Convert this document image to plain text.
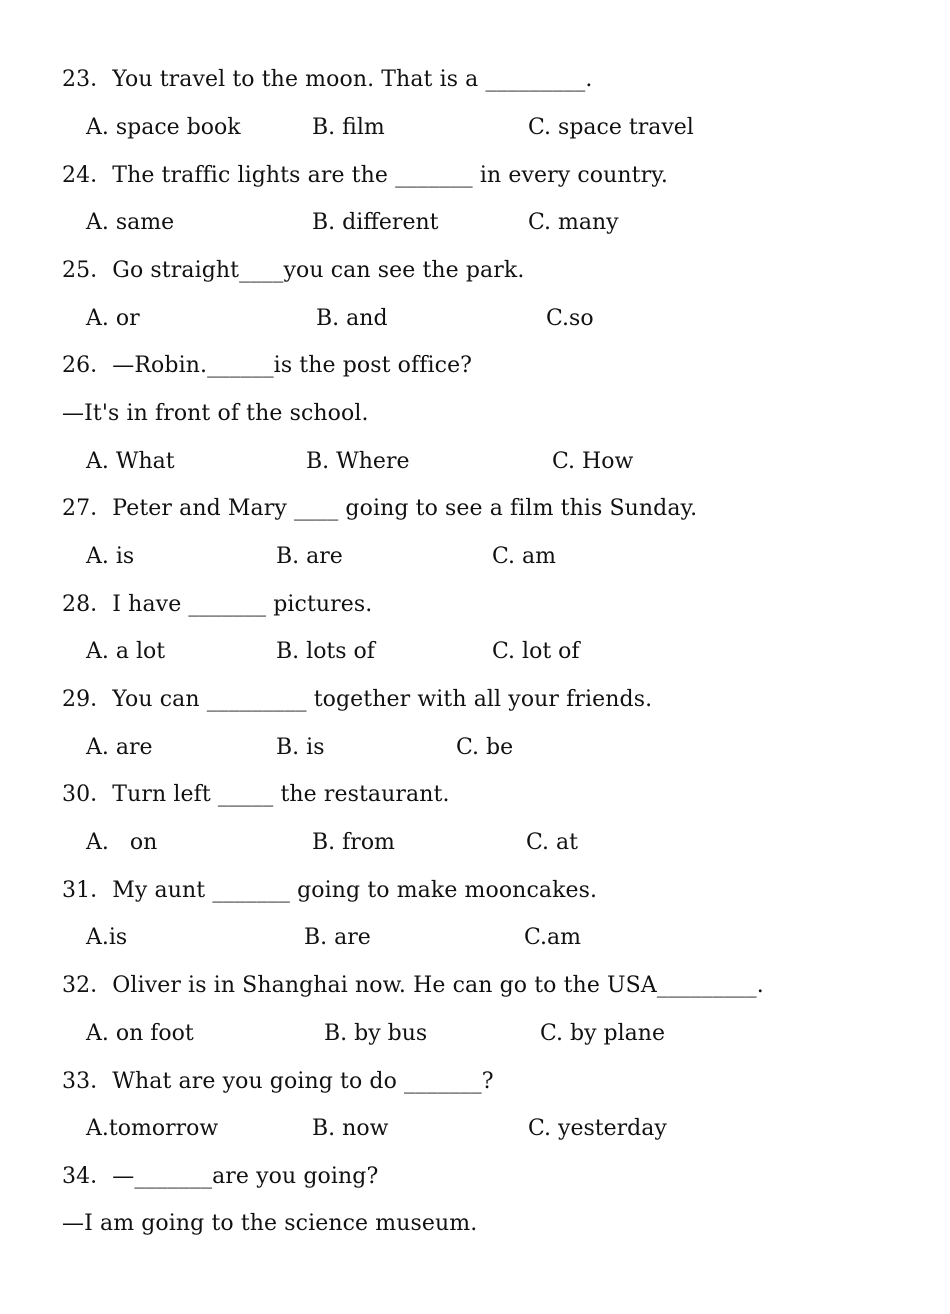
23．You travel to the moon. That is a _________.
A. space book	B. film	C. space travel
24．The traffic lights are the _______ in every country.
A. same	B. different	C. many
25．Go straight____you can see the park.
A. or	B. and	C.so
26．—Robin.______is the post office?
—It's in front of the school.
A. What	B. Where	C. How
27．Peter and Mary ____ going to see a film this Sunday.
A. is	B. are	C. am
28．I have _______ pictures.
A. a lot	B. lots of	C. lot of
29．You can _________ together with all your friends.
A. are	B. is	C. be
30．Turn left _____ the restaurant.
A.   on	B. from	C. at
31．My aunt _______ going to make mooncakes.
A.is	B. are	C.am
32．Oliver is in Shanghai now. He can go to the USA_________.
A. on foot	B. by bus	C. by plane
33．What are you going to do _______?
A.tomorrow	B. now	C. yesterday
34．—_______are you going?
—I am going to the science museum.
